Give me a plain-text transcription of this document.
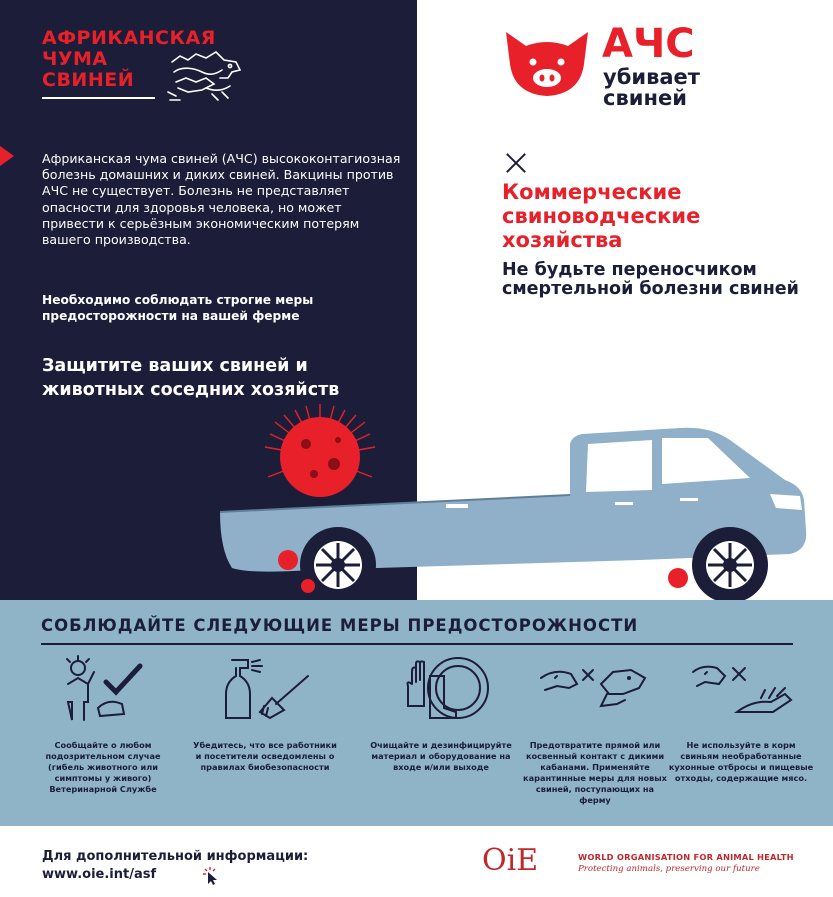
АФРИКАНСКАЯ
ЧУМА
СВИНЕЙ
Африканская чума свиней (АЧС) высококонтагиозная болезнь домашних и диких свиней. Вакцины против АЧС не существует. Болезнь не представляет опасности для здоровья человека, но может привести к серьёзным экономическим потерям вашего производства.
Необходимо соблюдать строгие меры предосторожности на вашей ферме
Защитите ваших свиней и животных соседних хозяйств
АЧС
убивает
свиней
Коммерческие свиноводческие хозяйства
Не будьте переносчиком смертельной болезни свиней
СОБЛЮДАЙТЕ СЛЕДУЮЩИЕ МЕРЫ ПРЕДОСТОРОЖНОСТИ
Сообщайте о любом подозрительном случае (гибель животного или симптомы у живого) Ветеринарной Службе
Убедитесь, что все работники и посетители осведомлены о правилах биобезопасности
Очищайте и дезинфицируйте материал и оборудование на входе и/или выходе
Предотвратите прямой или косвенный контакт с дикими кабанами. Применяйте карантинные меры для новых свиней, поступающих на ферму
Не используйте в корм свиньям необработанные кухонные отбросы и пищевые отходы, содержащие мясо.
Для дополнительной информации:
www.oie.int/asf	OiE	WORLD ORGANISATION FOR ANIMAL HEALTH
Protecting animals, preserving our future
